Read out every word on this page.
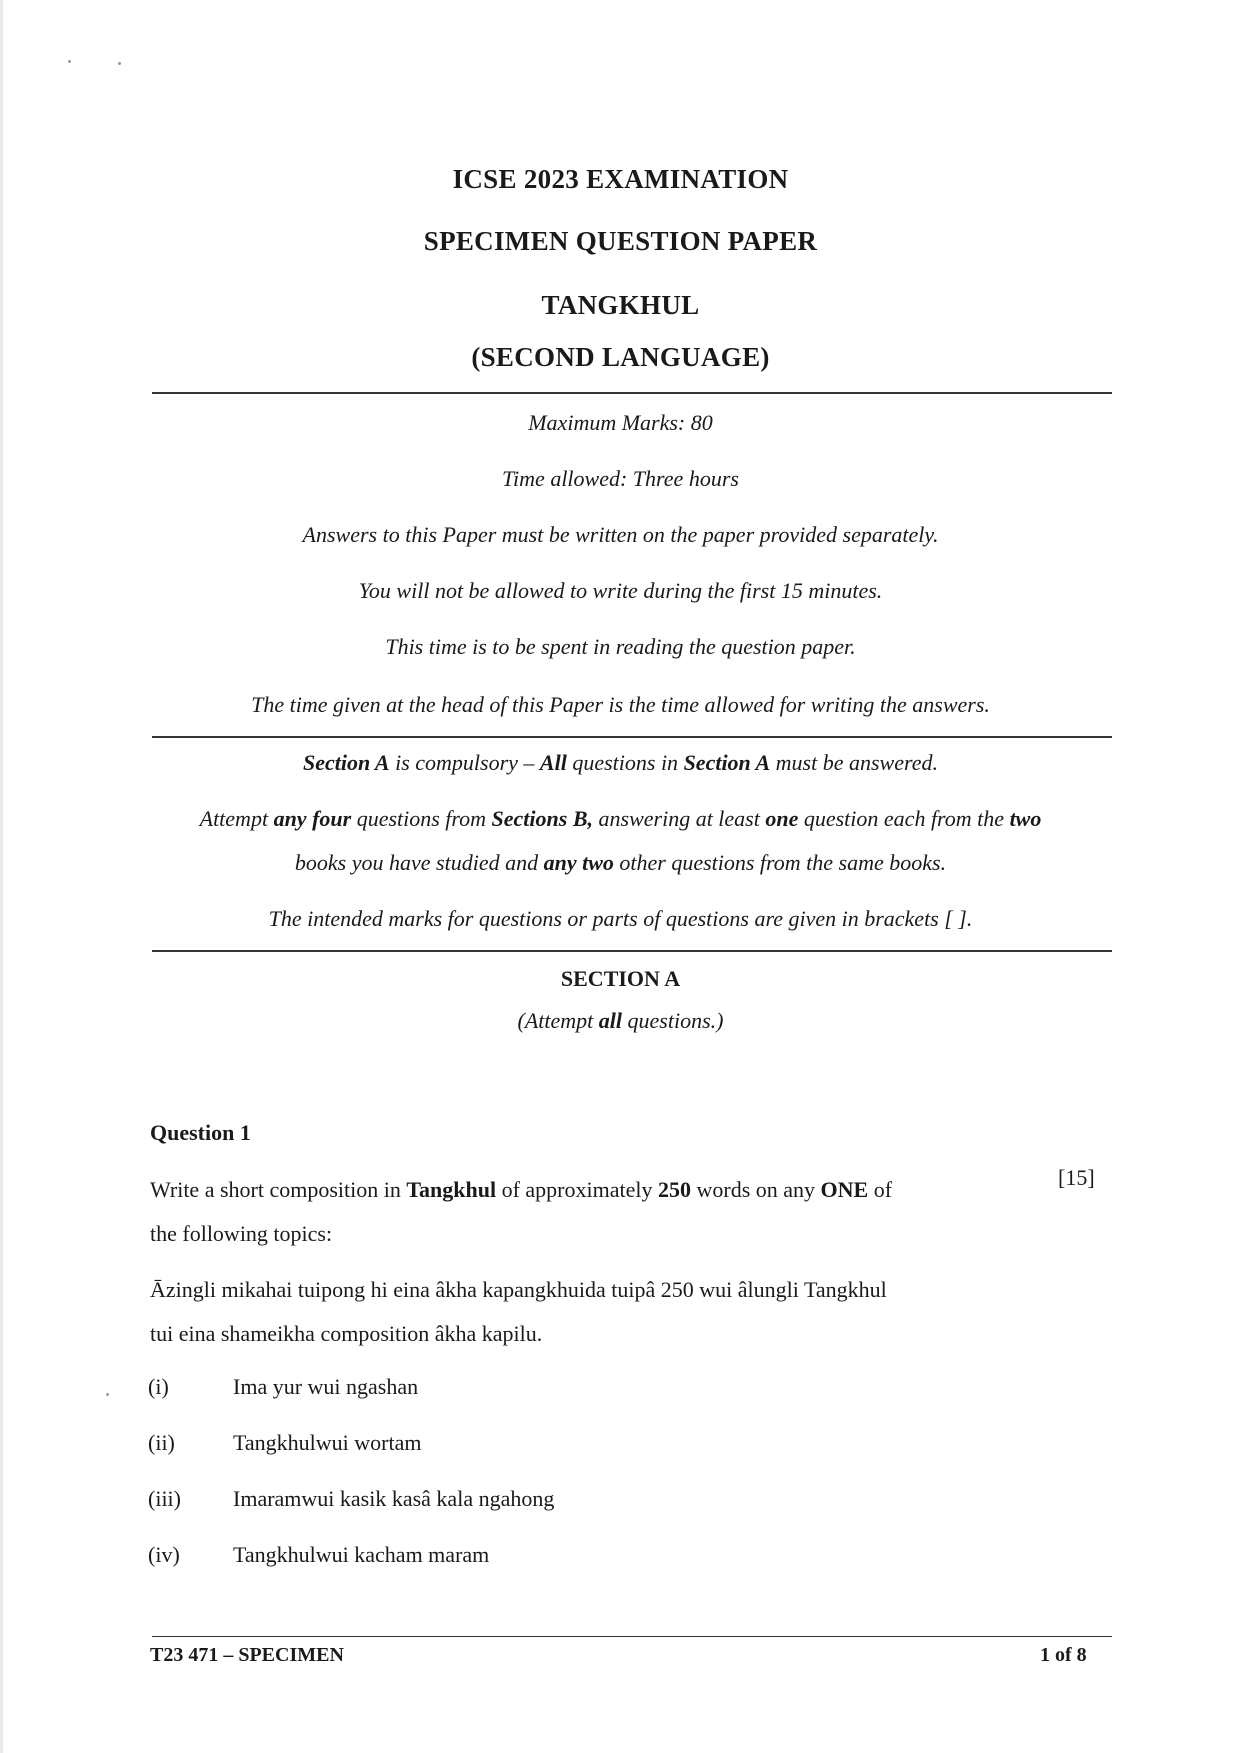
ICSE 2023 EXAMINATION
SPECIMEN QUESTION PAPER
TANGKHUL
(SECOND LANGUAGE)
Maximum Marks: 80
Time allowed: Three hours
Answers to this Paper must be written on the paper provided separately.
You will not be allowed to write during the first 15 minutes.
This time is to be spent in reading the question paper.
The time given at the head of this Paper is the time allowed for writing the answers.
Section A is compulsory – All questions in Section A must be answered.
Attempt any four questions from Sections B, answering at least one question each from the two
books you have studied and any two other questions from the same books.
The intended marks for questions or parts of questions are given in brackets [ ].
SECTION A
(Attempt all questions.)
Question 1
[15]
Write a short composition in Tangkhul of approximately 250 words on any ONE of
the following topics:
Āzingli mikahai tuipong hi eina âkha kapangkhuida tuipâ 250 wui âlungli Tangkhul
tui eina shameikha composition âkha kapilu.
(i)	Ima yur wui ngashan
(ii)	Tangkhulwui wortam
(iii) Imaramwui kasik kasâ kala ngahong
(iv) Tangkhulwui kacham maram
T23 471 – SPECIMEN	1 of 8
